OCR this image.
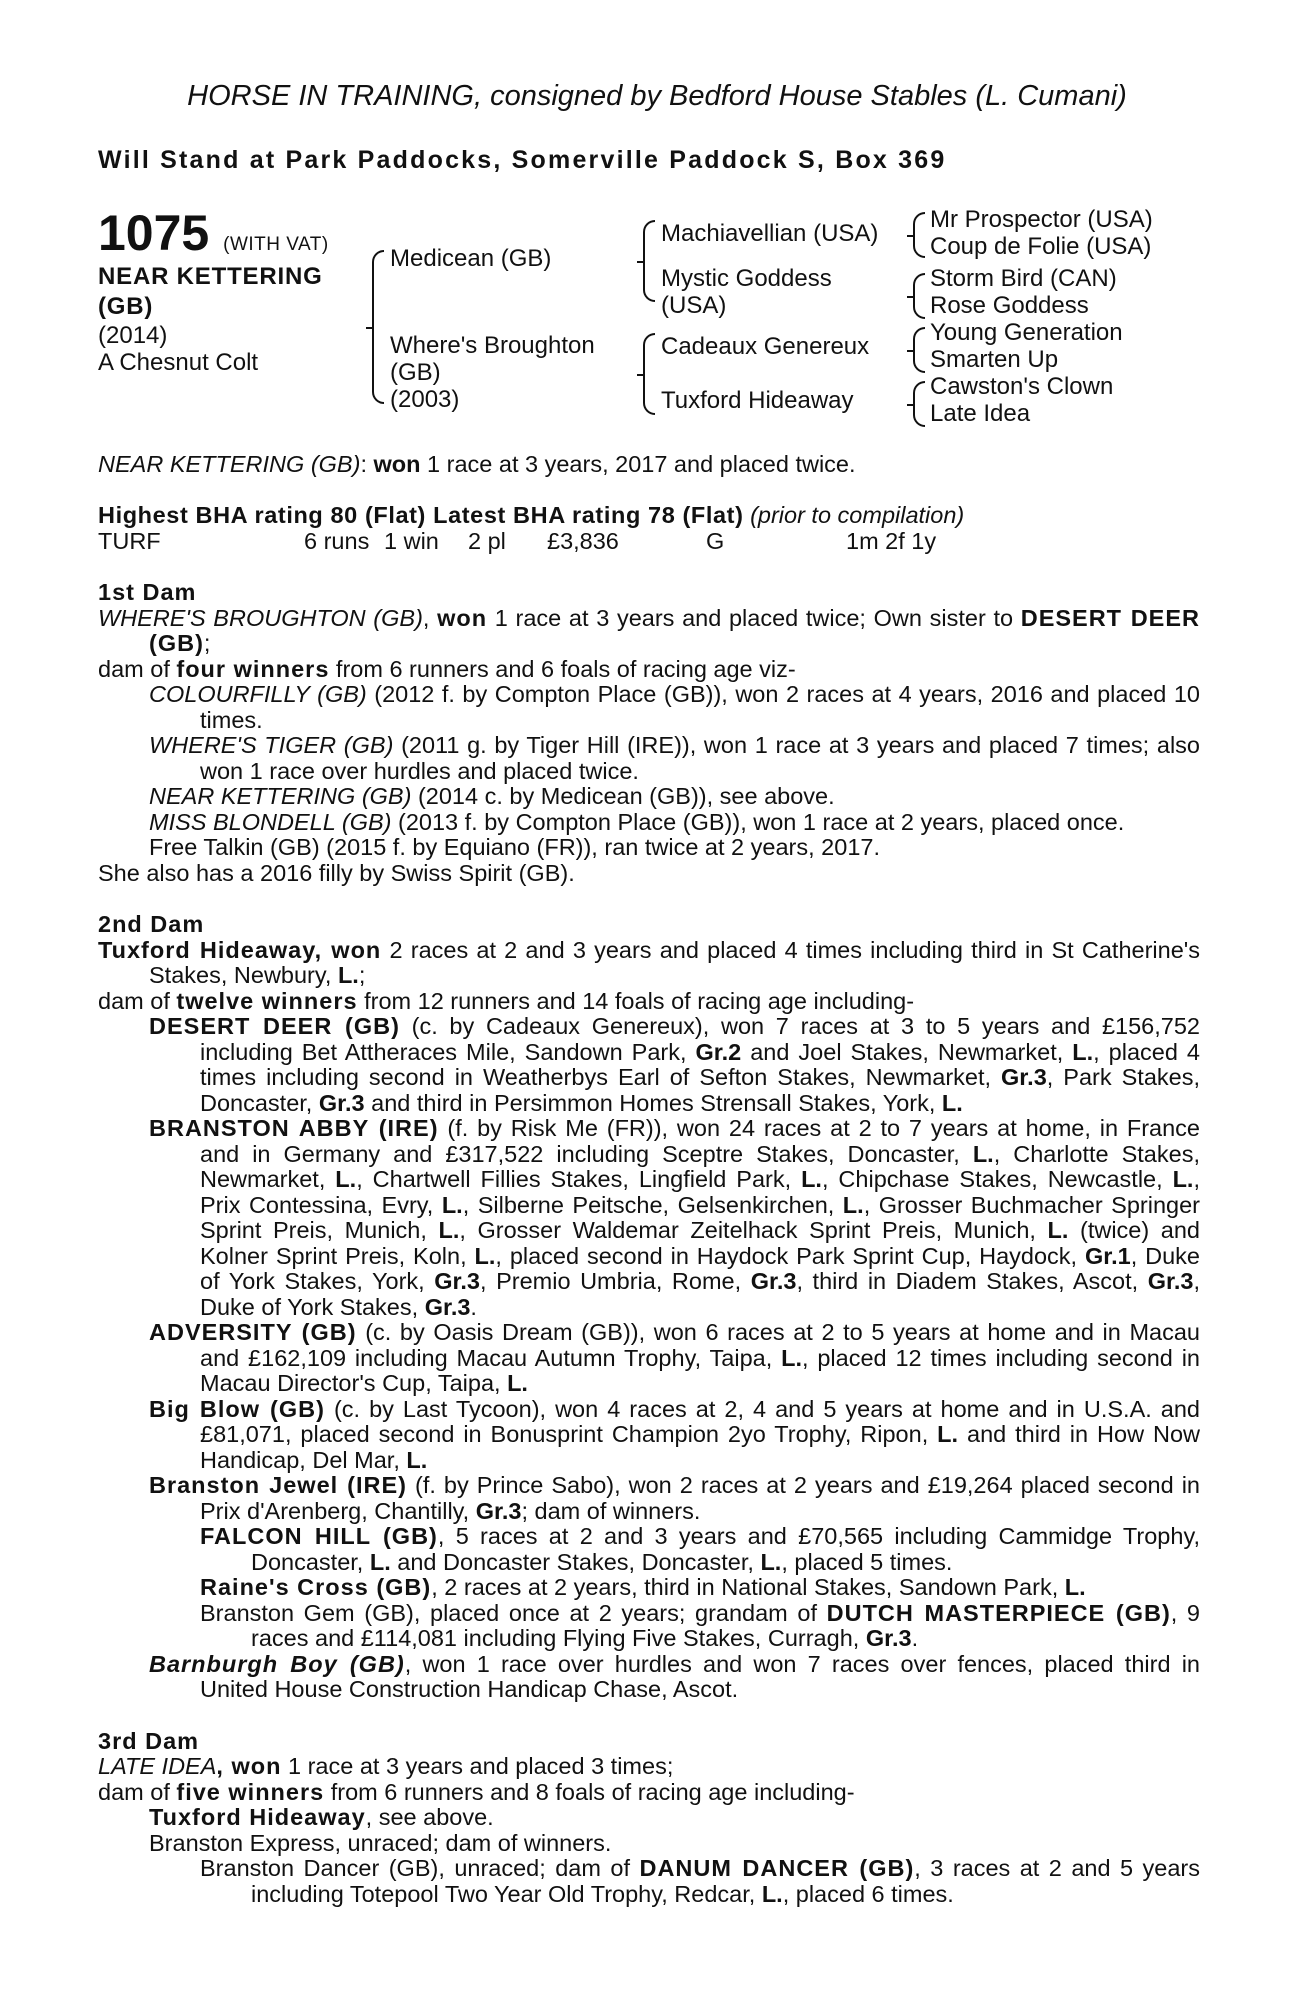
HORSE IN TRAINING, consigned by Bedford House Stables (L. Cumani)
Will Stand at Park Paddocks, Somerville Paddock S, Box 369
1075 (WITH VAT)
NEAR KETTERING
(GB)
(2014)
A Chesnut Colt
Medicean (GB)
Where's Broughton
(GB)
(2003)
Machiavellian (USA)
Mystic Goddess
(USA)
Cadeaux Genereux
Tuxford Hideaway
Mr Prospector (USA)
Coup de Folie (USA)
Storm Bird (CAN)
Rose Goddess
Young Generation
Smarten Up
Cawston's Clown
Late Idea

NEAR KETTERING (GB): won 1 race at 3 years, 2017 and placed twice.

Highest BHA rating 80 (Flat) Latest BHA rating 78 (Flat) (prior to compilation)

TURF	6 runs 1 win 2 pl £3,836	G	1m 2f 1y

1st Dam

WHERE'S BROUGHTON (GB), won 1 race at 3 years and placed twice; Own sister to DESERT DEER (GB);

dam of four winners from 6 runners and 6 foals of racing age viz-

COLOURFILLY (GB) (2012 f. by Compton Place (GB)), won 2 races at 4 years, 2016 and placed 10 times.

WHERE'S TIGER (GB) (2011 g. by Tiger Hill (IRE)), won 1 race at 3 years and placed 7 times; also won 1 race over hurdles and placed twice.

NEAR KETTERING (GB) (2014 c. by Medicean (GB)), see above.

MISS BLONDELL (GB) (2013 f. by Compton Place (GB)), won 1 race at 2 years, placed once.

Free Talkin (GB) (2015 f. by Equiano (FR)), ran twice at 2 years, 2017.

She also has a 2016 filly by Swiss Spirit (GB).

2nd Dam

Tuxford Hideaway, won 2 races at 2 and 3 years and placed 4 times including third in St Catherine's Stakes, Newbury, L.;

dam of twelve winners from 12 runners and 14 foals of racing age including-

DESERT DEER (GB) (c. by Cadeaux Genereux), won 7 races at 3 to 5 years and £156,752 including Bet Attheraces Mile, Sandown Park, Gr.2 and Joel Stakes, Newmarket, L., placed 4 times including second in Weatherbys Earl of Sefton Stakes, Newmarket, Gr.3, Park Stakes, Doncaster, Gr.3 and third in Persimmon Homes Strensall Stakes, York, L.

BRANSTON ABBY (IRE) (f. by Risk Me (FR)), won 24 races at 2 to 7 years at home, in France and in Germany and £317,522 including Sceptre Stakes, Doncaster, L., Charlotte Stakes, Newmarket, L., Chartwell Fillies Stakes, Lingfield Park, L., Chipchase Stakes, Newcastle, L., Prix Contessina, Evry, L., Silberne Peitsche, Gelsenkirchen, L., Grosser Buchmacher Springer Sprint Preis, Munich, L., Grosser Waldemar Zeitelhack Sprint Preis, Munich, L. (twice) and Kolner Sprint Preis, Koln, L., placed second in Haydock Park Sprint Cup, Haydock, Gr.1, Duke of York Stakes, York, Gr.3, Premio Umbria, Rome, Gr.3, third in Diadem Stakes, Ascot, Gr.3, Duke of York Stakes, Gr.3.

ADVERSITY (GB) (c. by Oasis Dream (GB)), won 6 races at 2 to 5 years at home and in Macau and £162,109 including Macau Autumn Trophy, Taipa, L., placed 12 times including second in Macau Director's Cup, Taipa, L.

Big Blow (GB) (c. by Last Tycoon), won 4 races at 2, 4 and 5 years at home and in U.S.A. and £81,071, placed second in Bonusprint Champion 2yo Trophy, Ripon, L. and third in How Now Handicap, Del Mar, L.

Branston Jewel (IRE) (f. by Prince Sabo), won 2 races at 2 years and £19,264 placed second in Prix d'Arenberg, Chantilly, Gr.3; dam of winners.

FALCON HILL (GB), 5 races at 2 and 3 years and £70,565 including Cammidge Trophy, Doncaster, L. and Doncaster Stakes, Doncaster, L., placed 5 times.

Raine's Cross (GB), 2 races at 2 years, third in National Stakes, Sandown Park, L.

Branston Gem (GB), placed once at 2 years; grandam of DUTCH MASTERPIECE (GB), 9 races and £114,081 including Flying Five Stakes, Curragh, Gr.3.

Barnburgh Boy (GB), won 1 race over hurdles and won 7 races over fences, placed third in United House Construction Handicap Chase, Ascot.

3rd Dam

LATE IDEA, won 1 race at 3 years and placed 3 times;

dam of five winners from 6 runners and 8 foals of racing age including-

Tuxford Hideaway, see above.

Branston Express, unraced; dam of winners.

Branston Dancer (GB), unraced; dam of DANUM DANCER (GB), 3 races at 2 and 5 years including Totepool Two Year Old Trophy, Redcar, L., placed 6 times.
